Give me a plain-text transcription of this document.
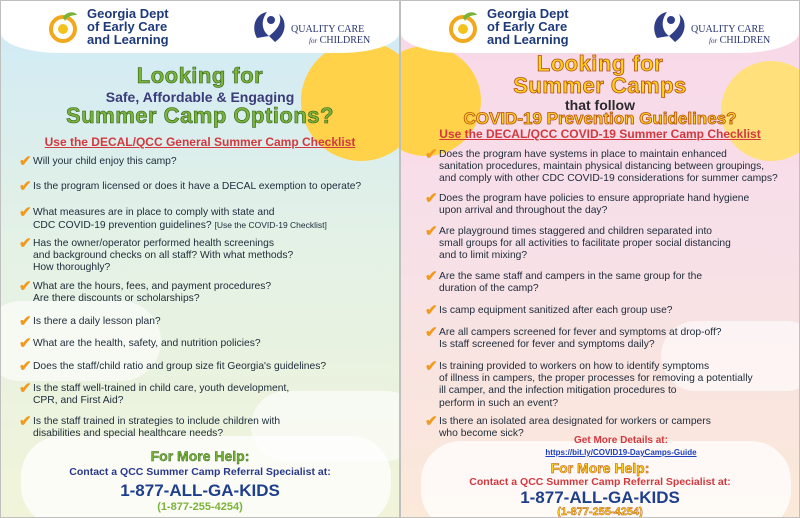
Georgia Dept
of Early Care
and Learning
QUALITY CARE
for CHILDREN
Looking for
Safe, Affordable & Engaging
Summer Camp Options?
Use the DECAL/QCC General Summer Camp Checklist
✔ Will your child enjoy this camp?
✔ Is the program licensed or does it have a DECAL exemption to operate?
✔ What measures are in place to comply with state and
CDC COVID-19 prevention guidelines? [Use the COVID-19 Checklist]
✔ Has the owner/operator performed health screenings
and background checks on all staff? With what methods?
How thoroughly?
✔ What are the hours, fees, and payment procedures?
Are there discounts or scholarships?
✔ Is there a daily lesson plan?
✔ What are the health, safety, and nutrition policies?
✔ Does the staff/child ratio and group size fit Georgia's guidelines?
✔ Is the staff well-trained in child care, youth development,
CPR, and First Aid?
✔ Is the staff trained in strategies to include children with
disabilities and special healthcare needs?
For More Help:
Contact a QCC Summer Camp Referral Specialist at:
1-877-ALL-GA-KIDS
(1-877-255-4254)
Georgia Dept
of Early Care
and Learning
QUALITY CARE
for CHILDREN
Looking for
Summer Camps
that follow
COVID-19 Prevention Guidelines?
Use the DECAL/QCC COVID-19 Summer Camp Checklist
✔ Does the program have systems in place to maintain enhanced
sanitation procedures, maintain physical distancing between groupings,
and comply with other CDC COVID-19 considerations for summer camps?
✔ Does the program have policies to ensure appropriate hand hygiene
upon arrival and throughout the day?
✔ Are playground times staggered and children separated into
small groups for all activities to facilitate proper social distancing
and to limit mixing?
✔ Are the same staff and campers in the same group for the
duration of the camp?
✔ Is camp equipment sanitized after each group use?
✔ Are all campers screened for fever and symptoms at drop-off?
Is staff screened for fever and symptoms daily?
✔ Is training provided to workers on how to identify symptoms
of illness in campers, the proper processes for removing a potentially
ill camper, and the infection mitigation procedures to
perform in such an event?
✔ Is there an isolated area designated for workers or campers
who become sick?
Get More Details at:
https://bit.ly/COVID19-DayCamps-Guide
For More Help:
Contact a QCC Summer Camp Referral Specialist at:
1-877-ALL-GA-KIDS
(1-877-255-4254)
